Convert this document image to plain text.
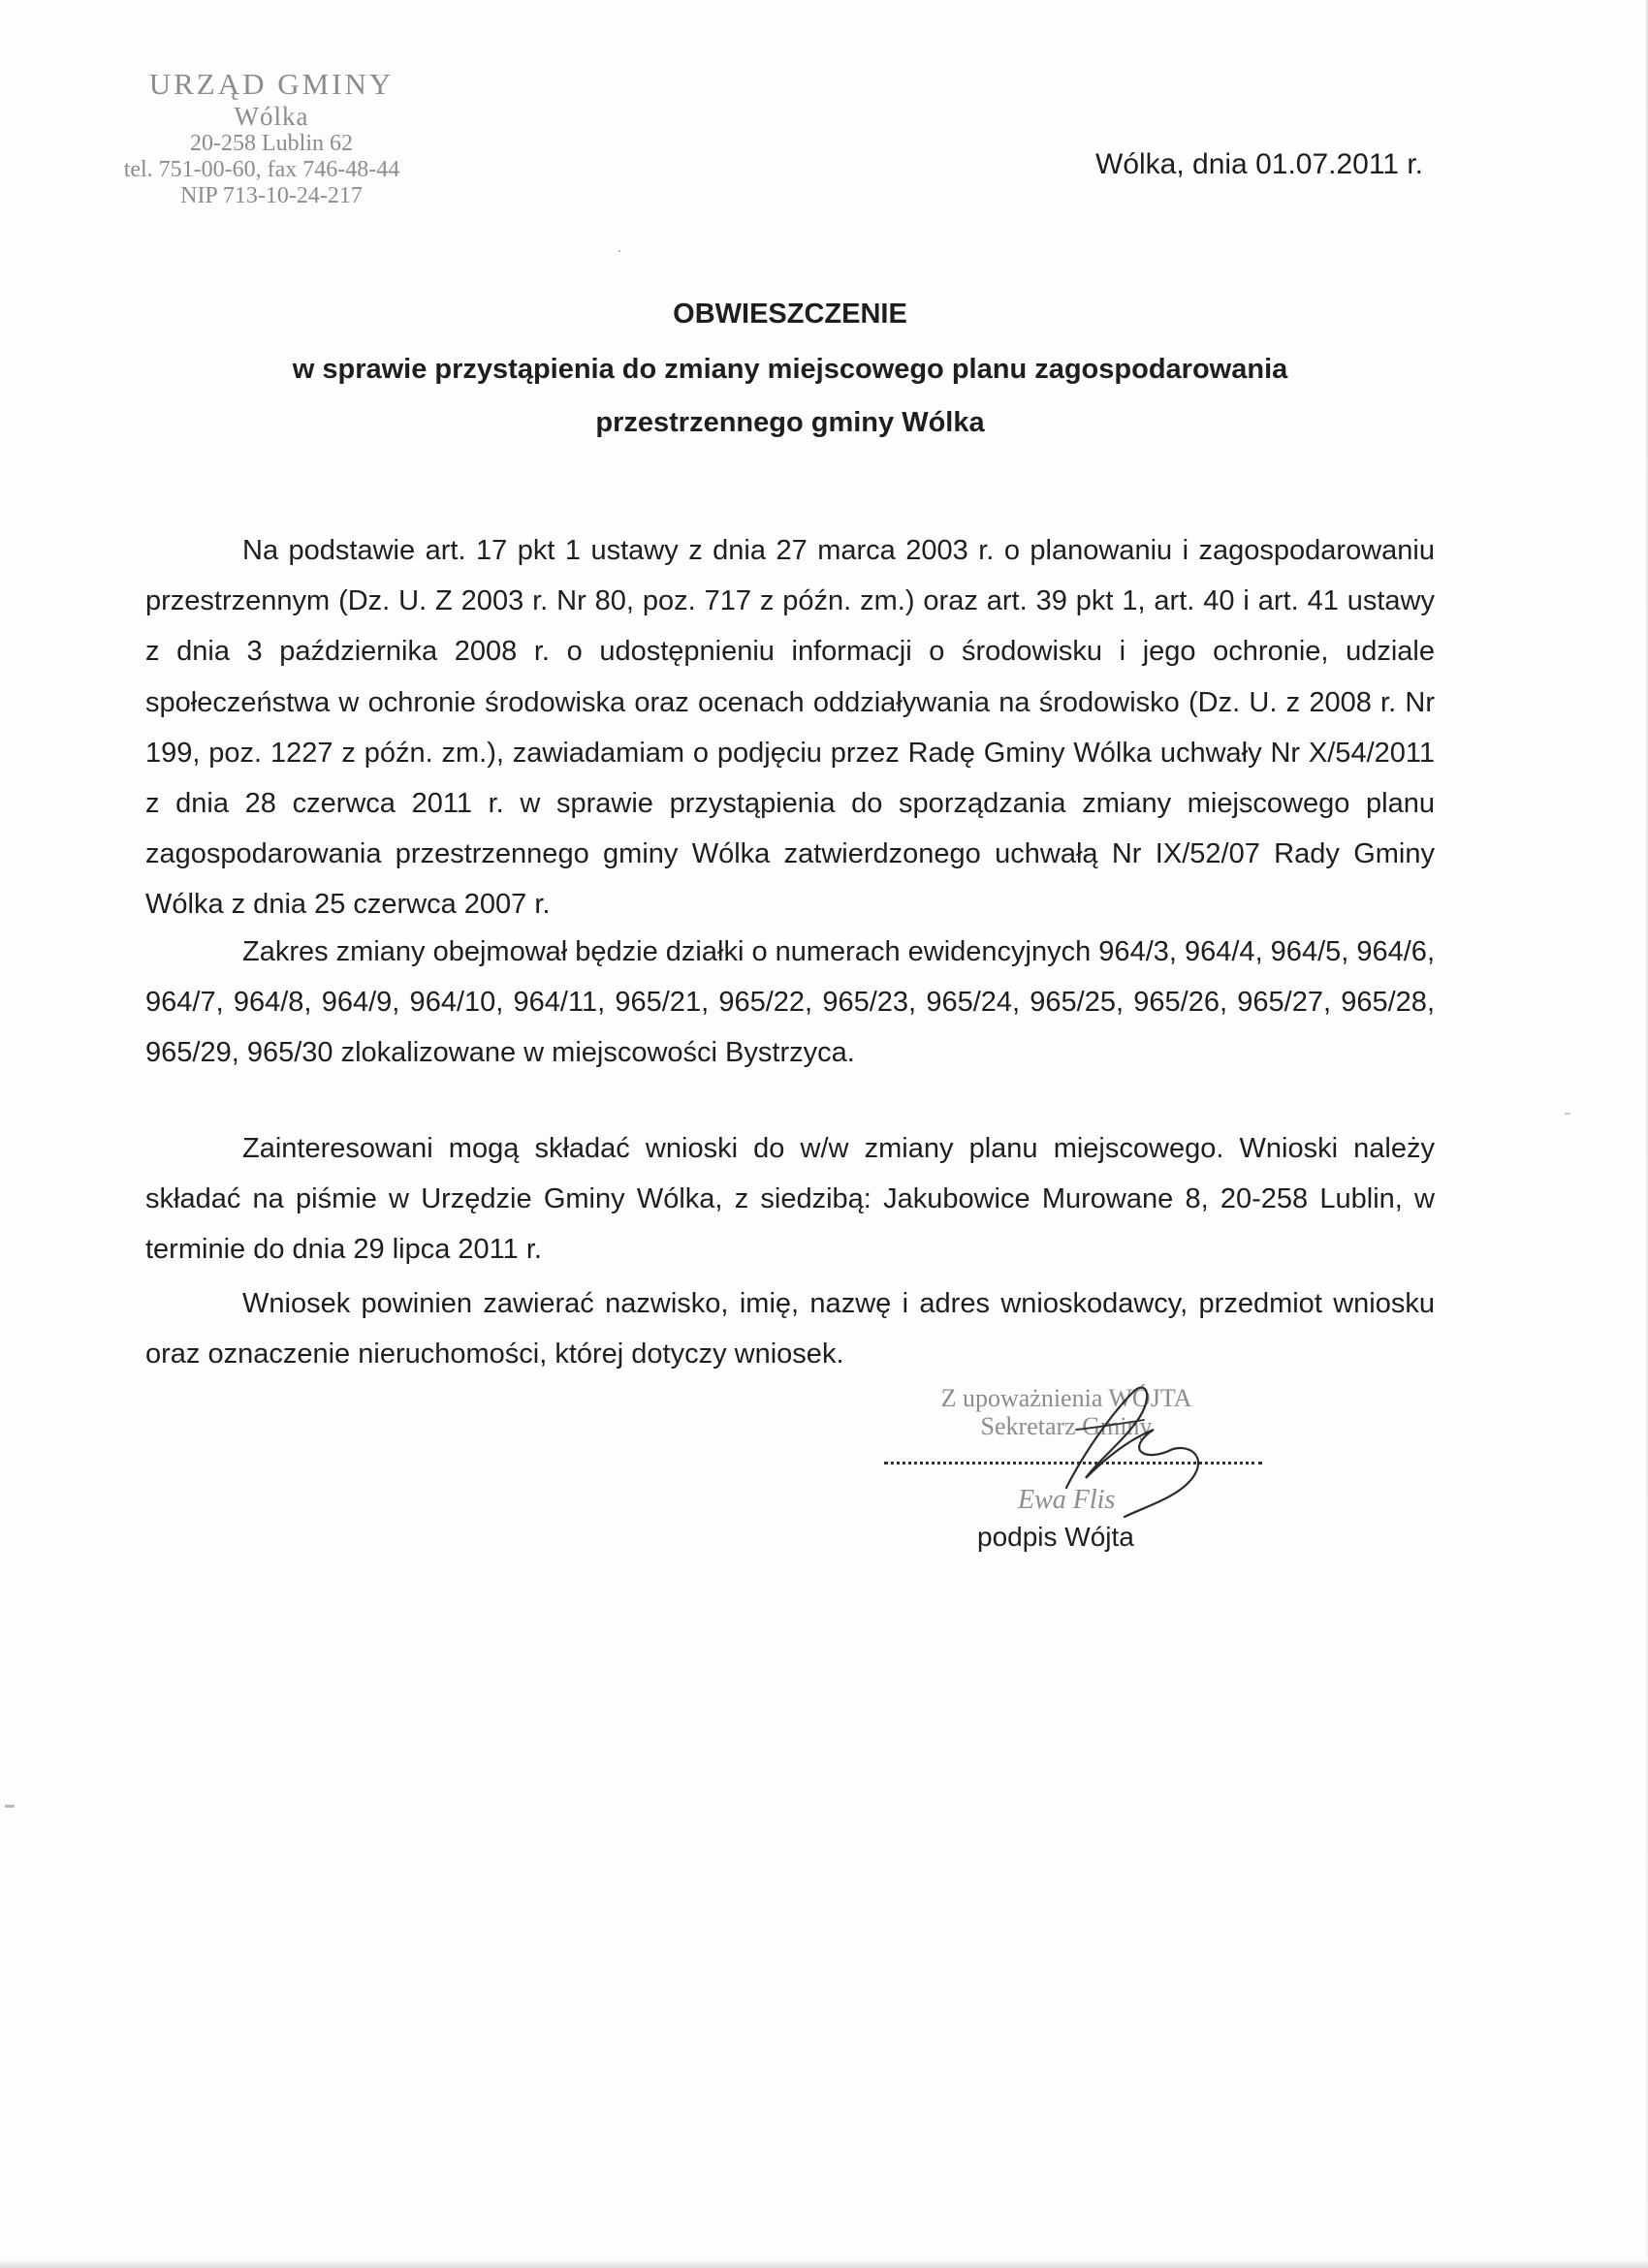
URZĄD GMINY
Wólka
20-258 Lublin 62
tel. 751-00-60, fax 746-48-44
NIP 713-10-24-217
Wólka, dnia 01.07.2011 r.
OBWIESZCZENIE
w sprawie przystąpienia do zmiany miejscowego planu zagospodarowania
przestrzennego gminy Wólka

Na podstawie art. 17 pkt 1 ustawy z dnia 27 marca 2003 r. o planowaniu i zagospodarowaniu przestrzennym (Dz. U. Z 2003 r. Nr 80, poz. 717 z późn. zm.) oraz art. 39 pkt 1, art. 40 i art. 41 ustawy z dnia 3 października 2008 r. o udostępnieniu informacji o środowisku i jego ochronie, udziale społeczeństwa w ochronie środowiska oraz ocenach oddziaływania na środowisko (Dz. U. z 2008 r. Nr 199, poz. 1227 z późn. zm.), zawiadamiam o podjęciu przez Radę Gminy Wólka uchwały Nr X/54/2011 z dnia 28 czerwca 2011 r. w sprawie przystąpienia do sporządzania zmiany miejscowego planu zagospodarowania przestrzennego gminy Wólka zatwierdzonego uchwałą Nr IX/52/07 Rady Gminy Wólka z dnia 25 czerwca 2007 r.

Zakres zmiany obejmował będzie działki o numerach ewidencyjnych 964/3, 964/4, 964/5, 964/6, 964/7, 964/8, 964/9, 964/10, 964/11, 965/21, 965/22, 965/23, 965/24, 965/25, 965/26, 965/27, 965/28, 965/29, 965/30 zlokalizowane w miejscowości Bystrzyca.

Zainteresowani mogą składać wnioski do w/w zmiany planu miejscowego. Wnioski należy składać na piśmie w Urzędzie Gminy Wólka, z siedzibą: Jakubowice Murowane 8, 20-258 Lublin, w terminie do dnia 29 lipca 2011 r.

Wniosek powinien zawierać nazwisko, imię, nazwę i adres wnioskodawcy, przedmiot wniosku oraz oznaczenie nieruchomości, której dotyczy wniosek.

Z upoważnienia WÓJTA
Sekretarz Gminy
Ewa Flis
podpis Wójta
